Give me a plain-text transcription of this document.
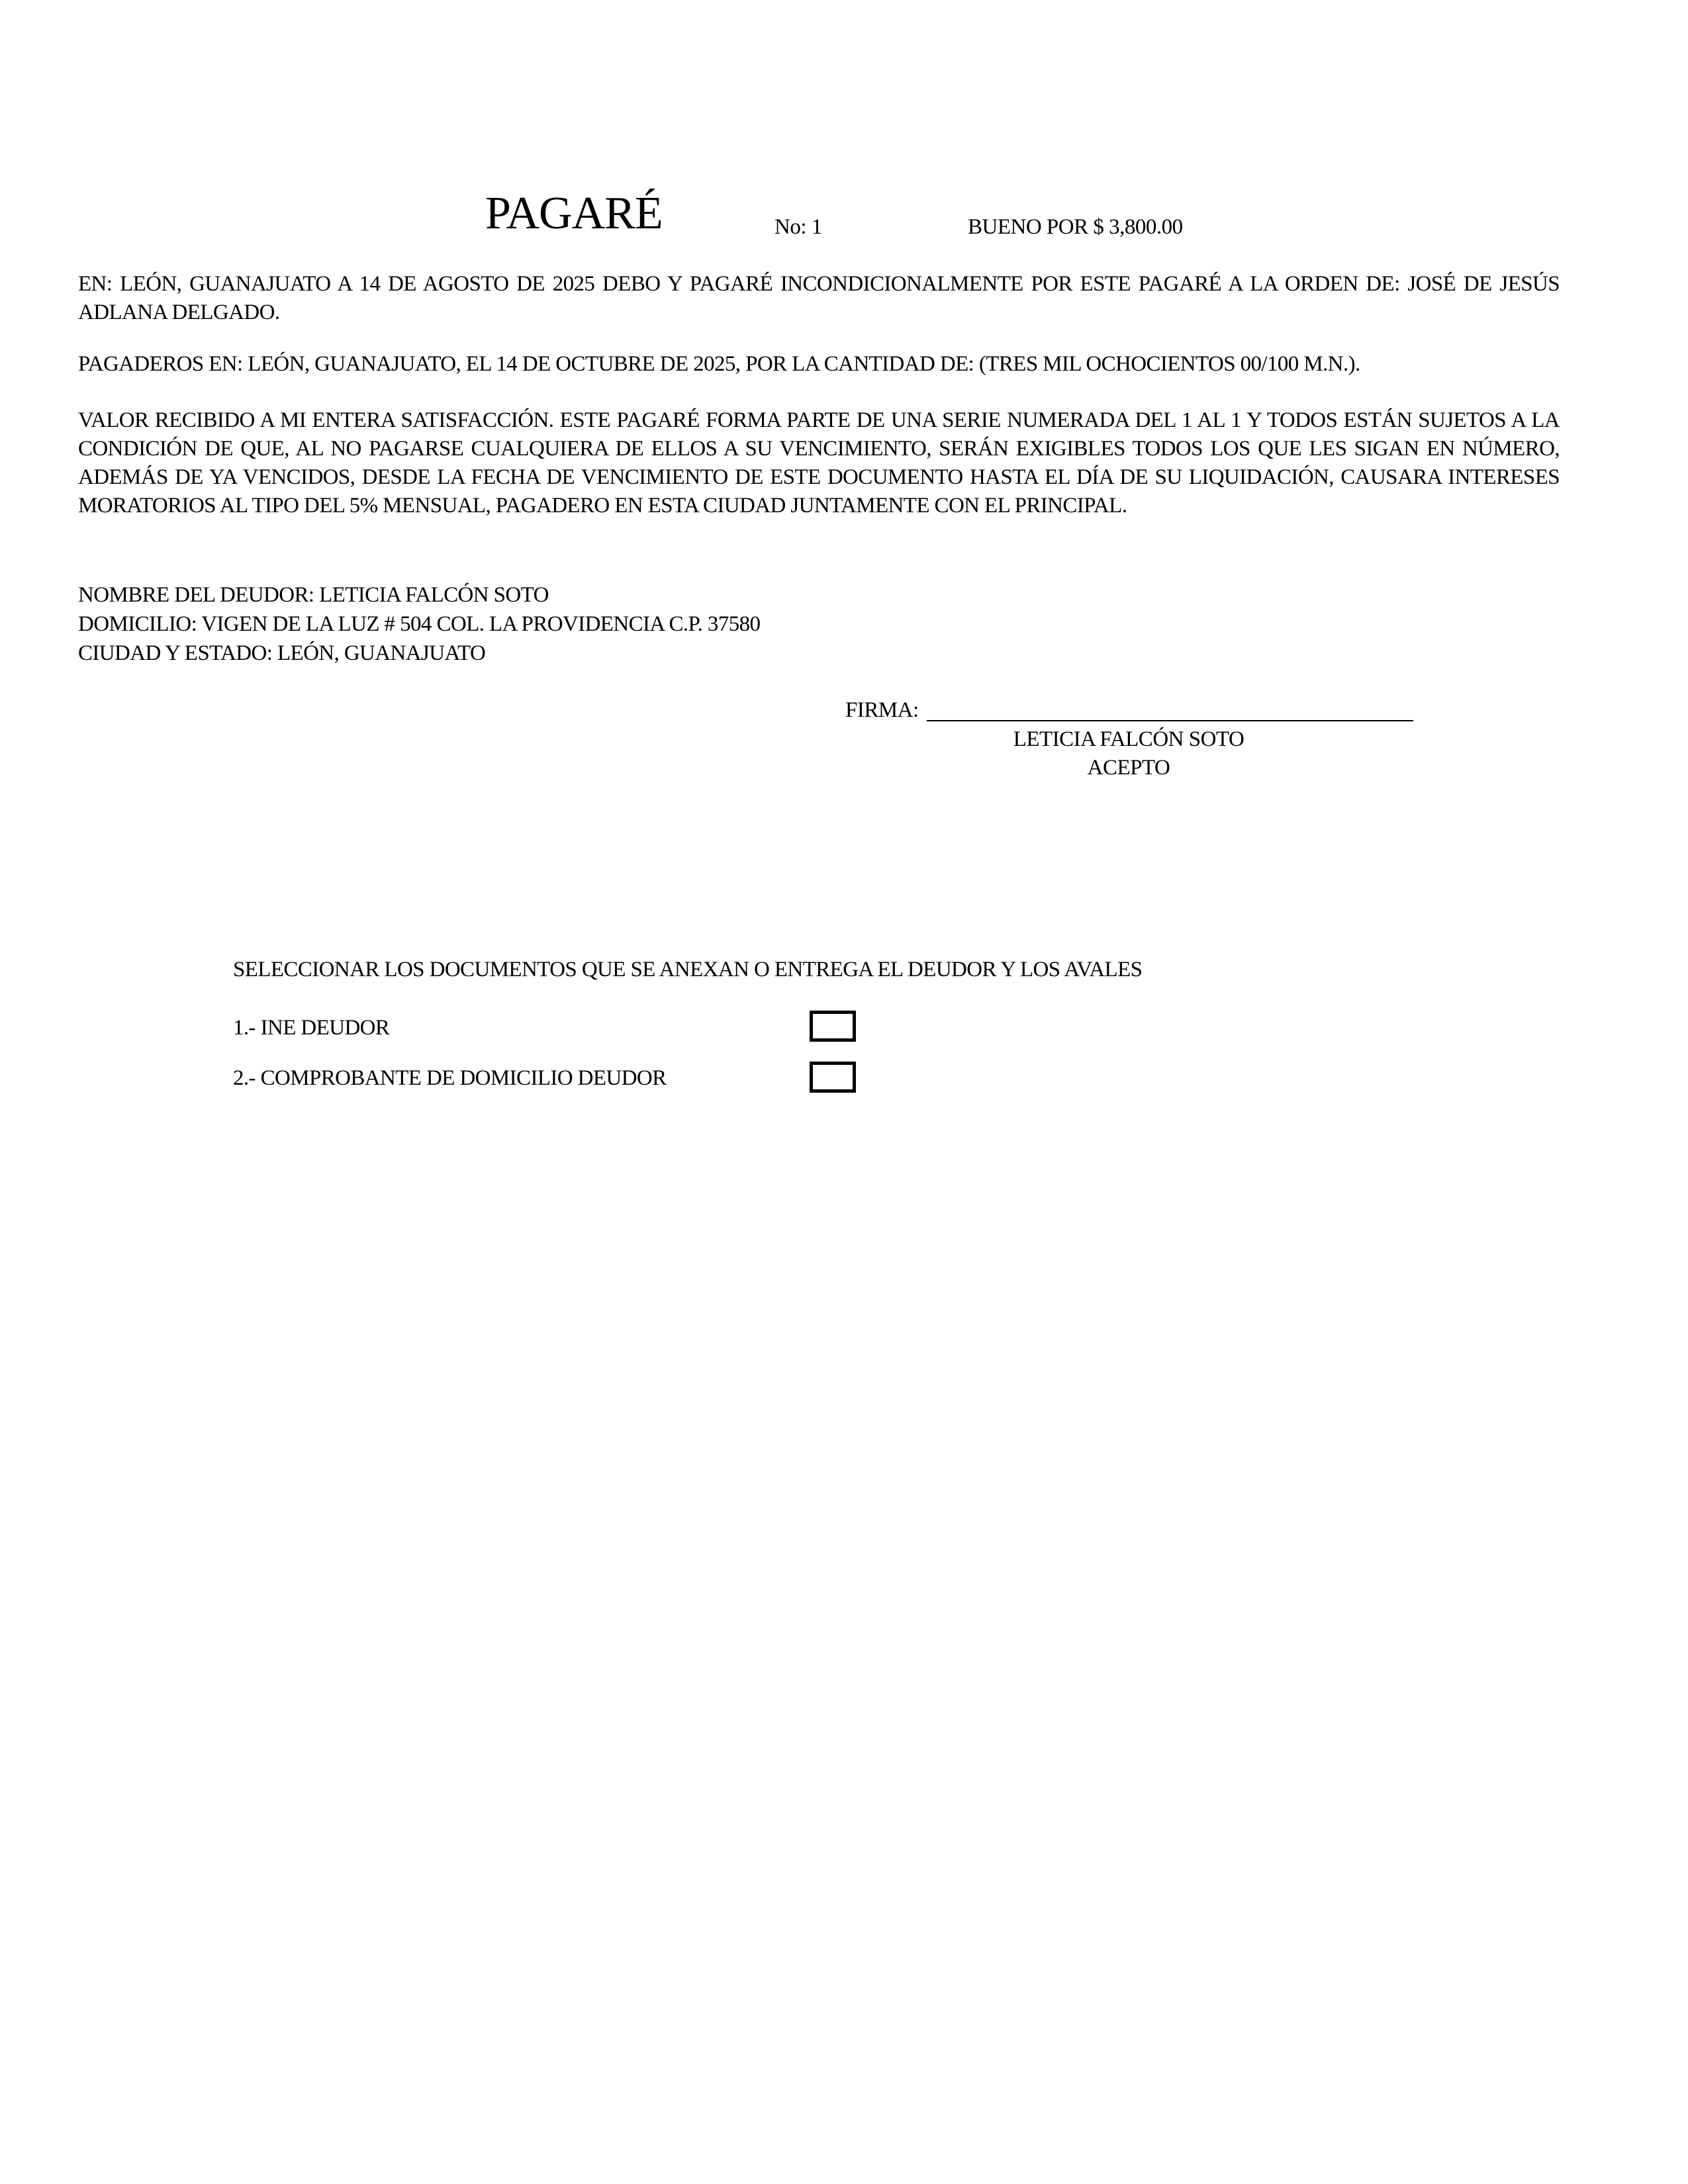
PAGARÉ	No: 1	BUENO POR $ 3,800.00
EN: LEÓN, GUANAJUATO A 14 DE AGOSTO DE 2025 DEBO Y PAGARÉ INCONDICIONALMENTE POR ESTE PAGARÉ A LA ORDEN DE: JOSÉ DE JESÚS ADLANA DELGADO.
PAGADEROS EN: LEÓN, GUANAJUATO, EL 14 DE OCTUBRE DE 2025, POR LA CANTIDAD DE: (TRES MIL OCHOCIENTOS 00/100 M.N.).
VALOR RECIBIDO A MI ENTERA SATISFACCIÓN. ESTE PAGARÉ FORMA PARTE DE UNA SERIE NUMERADA DEL 1 AL 1 Y TODOS ESTÁN SUJETOS A LA CONDICIÓN DE QUE, AL NO PAGARSE CUALQUIERA DE ELLOS A SU VENCIMIENTO, SERÁN EXIGIBLES TODOS LOS QUE LES SIGAN EN NÚMERO, ADEMÁS DE YA VENCIDOS, DESDE LA FECHA DE VENCIMIENTO DE ESTE DOCUMENTO HASTA EL DÍA DE SU LIQUIDACIÓN, CAUSARA INTERESES MORATORIOS AL TIPO DEL 5% MENSUAL, PAGADERO EN ESTA CIUDAD JUNTAMENTE CON EL PRINCIPAL.
NOMBRE DEL DEUDOR: LETICIA FALCÓN SOTO
DOMICILIO: VIGEN DE LA LUZ # 504 COL. LA PROVIDENCIA C.P. 37580
CIUDAD Y ESTADO: LEÓN, GUANAJUATO
FIRMA:
LETICIA FALCÓN SOTO
ACEPTO
SELECCIONAR LOS DOCUMENTOS QUE SE ANEXAN O ENTREGA EL DEUDOR Y LOS AVALES
1.- INE DEUDOR
2.- COMPROBANTE DE DOMICILIO DEUDOR
